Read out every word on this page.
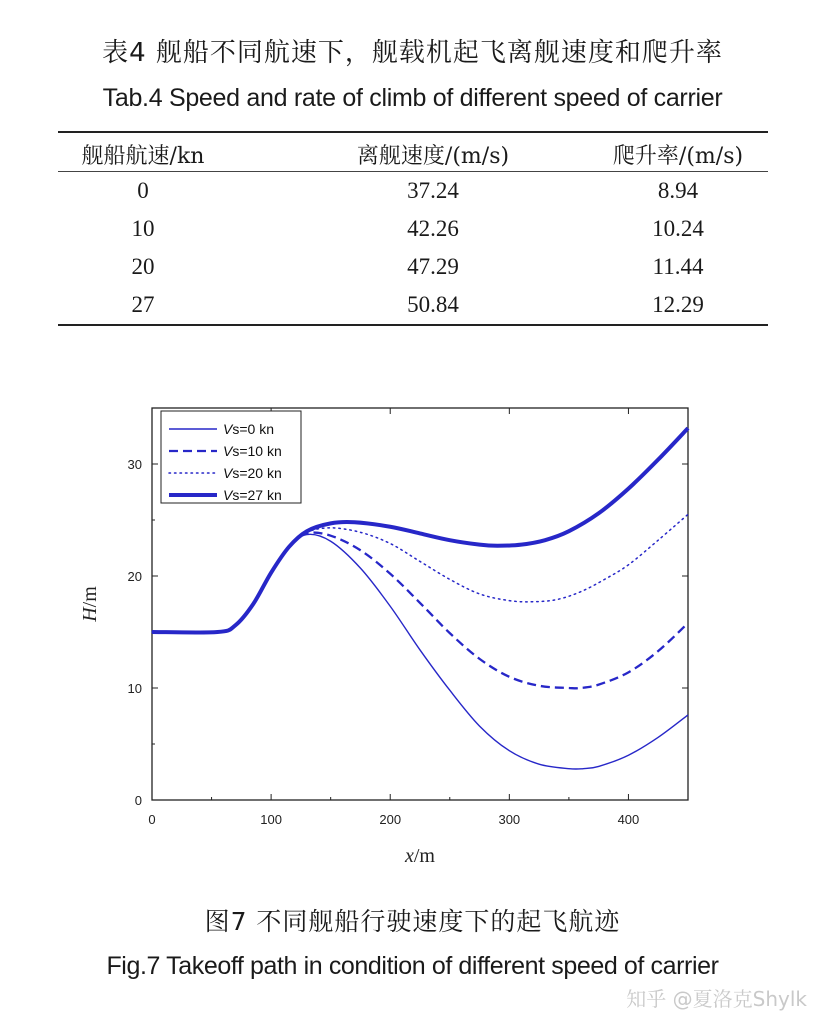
表4 舰船不同航速下，舰载机起飞离舰速度和爬升率
Tab.4 Speed and rate of climb of different speed of carrier
舰船航速/kn	离舰速度/(m/s)	爬升率/(m/s)
0	37.24	8.94
10	42.26	10.24
20	47.29	11.44
27	50.84	12.29
0	100	200	300	400
0
10
20
30
x/m
H/m
Vs=0 kn
Vs=10 kn
Vs=20 kn
Vs=27 kn
图7 不同舰船行驶速度下的起飞航迹
Fig.7 Takeoff path in condition of different speed of carrier
知乎 @夏洛克Shylk
